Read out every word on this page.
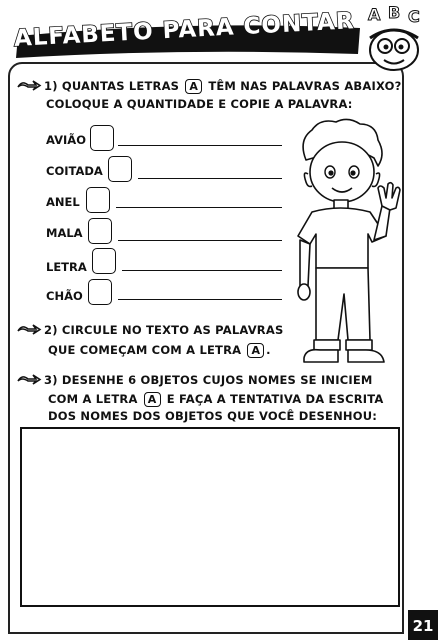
ALFABETO PARA CONTAR A B C
1) QUANTAS LETRAS A TÊM NAS PALAVRAS ABAIXO?
COLOQUE A QUANTIDADE E COPIE A PALAVRA:
AVIÃO
COITADA
ANEL
MALA
LETRA
CHÃO
2) CIRCULE NO TEXTO AS PALAVRAS
QUE COMEÇAM COM A LETRA A .
3) DESENHE 6 OBJETOS CUJOS NOMES SE INICIEM
COM A LETRA A E FAÇA A TENTATIVA DA ESCRITA
DOS NOMES DOS OBJETOS QUE VOCÊ DESENHOU:
21
